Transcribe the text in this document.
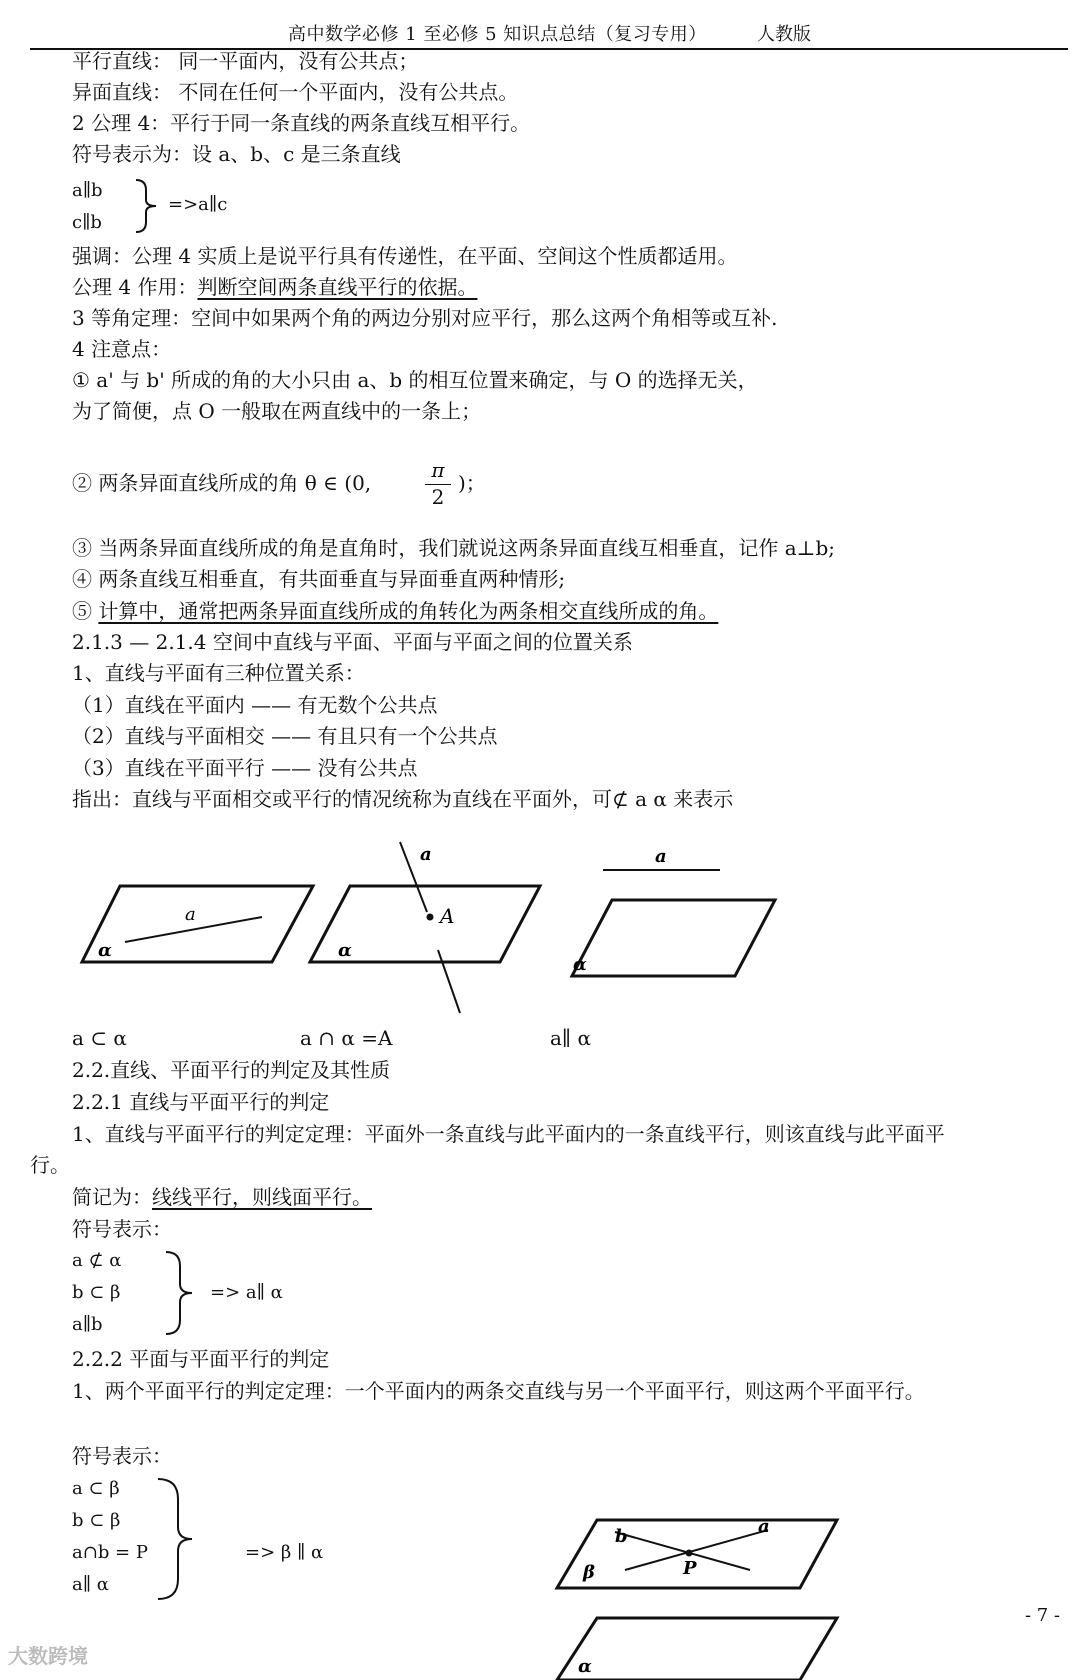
高中数学必修 1 至必修 5 知识点总结（复习专用）	人教版
平行直线： 同一平面内，没有公共点；
异面直线： 不同在任何一个平面内，没有公共点。
2 公理 4：平行于同一条直线的两条直线互相平行。
符号表示为：设 a、b、c 是三条直线
a∥b
c∥b
=>a∥c
强调：公理 4 实质上是说平行具有传递性，在平面、空间这个性质都适用。
公理 4 作用：判断空间两条直线平行的依据。
3 等角定理：空间中如果两个角的两边分别对应平行，那么这两个角相等或互补.
4 注意点：
① a' 与 b' 所成的角的大小只由 a、b 的相互位置来确定，与 O 的选择无关，
为了简便，点 O 一般取在两直线中的一条上；
② 两条异面直线所成的角 θ ∈ (0,
π
2
)；
③ 当两条异面直线所成的角是直角时，我们就说这两条异面直线互相垂直，记作 a⊥b;
④ 两条直线互相垂直，有共面垂直与异面垂直两种情形;
⑤ 计算中，通常把两条异面直线所成的角转化为两条相交直线所成的角。
2.1.3 — 2.1.4 空间中直线与平面、平面与平面之间的位置关系
1、直线与平面有三种位置关系：
（1）直线在平面内 —— 有无数个公共点
（2）直线与平面相交 —— 有且只有一个公共点
（3）直线在平面平行 —— 没有公共点
指出：直线与平面相交或平行的情况统称为直线在平面外，可⊄ a α 来表示
a
α
a
A
α
a
α
a ⊂ α	a ∩ α =A	a∥ α
2.2.直线、平面平行的判定及其性质
2.2.1 直线与平面平行的判定
1、直线与平面平行的判定定理：平面外一条直线与此平面内的一条直线平行，则该直线与此平面平
行。
简记为：线线平行，则线面平行。
符号表示：
a ⊄ α
b ⊂ β
a∥b
=> a∥ α
2.2.2 平面与平面平行的判定
1、两个平面平行的判定定理：一个平面内的两条交直线与另一个平面平行，则这两个平面平行。
符号表示：
a ⊂ β
b ⊂ β
a∩b = P
a∥ α
=> β ∥ α
b	a
P
β
α
- 7 -
大数跨境
